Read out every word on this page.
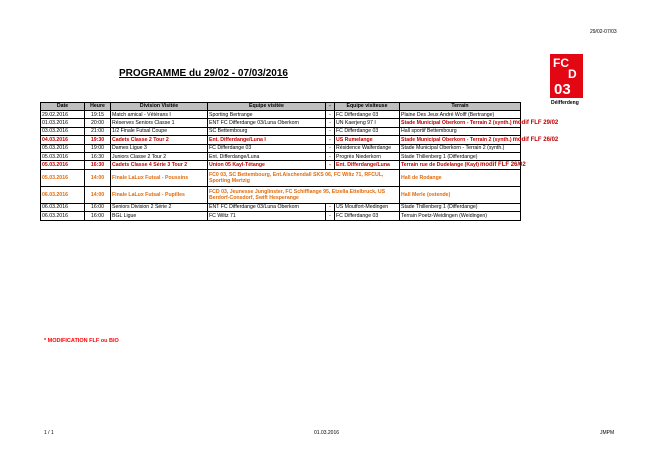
29/02-07/03
PROGRAMME du 29/02 - 07/03/2016
FC
D
03
Déifferdeng
Date	Heure	Division Visitée	Equipe visitée	-	Equipe visiteuse	Terrain
29.02.2016	19:15	Match amical - Vétérans I	Sporting Bertrange	-	FC Differdange 03	Plaine Des Jeux André Wolff (Bertrange)
01.03.2016	20:00	Réserves Seniors Classe 1	ENT FC Differdange 03/Luna Oberkorn	-	UN Kaerjeng 97 I	Stade Municipal Oberkorn - Terrain 2 (synth.)modif FLF 29/02
03.03.2016	21:00	1/2 Finale Futsal Coupe	SC Bettembourg	-	FC Differdange 03	Hall sportif Bettembourg
04.03.2016	19:30	Cadets Classe 2 Tour 2	Ent. Differdange/Luna I	-	US Rumelange	Stade Municipal Oberkorn - Terrain 2 (synth.)modif FLF 26/02
05.03.2016	19:00	Dames Ligue 3	FC Differdange 03	-	Résidence Walferdange	Stade Municipal Oberkorn - Terrain 2 (synth.)
05.03.2016	16:30	Juniors Classe 2 Tour 2	Ent. Differdange/Luna	-	Progrès Niederkorn	Stade Thillenberg 1 (Differdange)
05.03.2016	16:30	Cadets Classe 4 Série 3 Tour 2	Union 05 Kayl-Tétange	-	Ent. Differdange/Luna	Terrain rue de Dudelange (Kayl)modif FLF 26/02
05.03.2016	14:00	Finale LaLux Futsal - Poussins	FC0 03, SC Bettembourg, Ent.Aischendall SKS 06, FC Wiltz 71, RFCUL, Sporting Mertzig			Hall de Rodange
06.03.2016	14:00	Finale LaLux Futsal - Pupilles	FCD 03, Jeunesse Junglinster, FC Schifflange 95, Etzella Ettelbruck, US Berdorf-Consdorf, Swift Hesperange			Hall Merle (ostende)
06.03.2016	16:00	Seniors Division 2 Série 2	ENT FC Differdange 03/Luna Oberkorn	-	US Moutfort-Medingen	Stade Thillenberg 1 (Differdange)
06.03.2016	16:00	BGL Ligue	FC Wiltz 71	-	FC Differdange 03	Terrain Poetz-Weidingen (Weidingen)
* MODIFICATION FLF ou BIO
1 / 1	01.03.2016	JMPM
